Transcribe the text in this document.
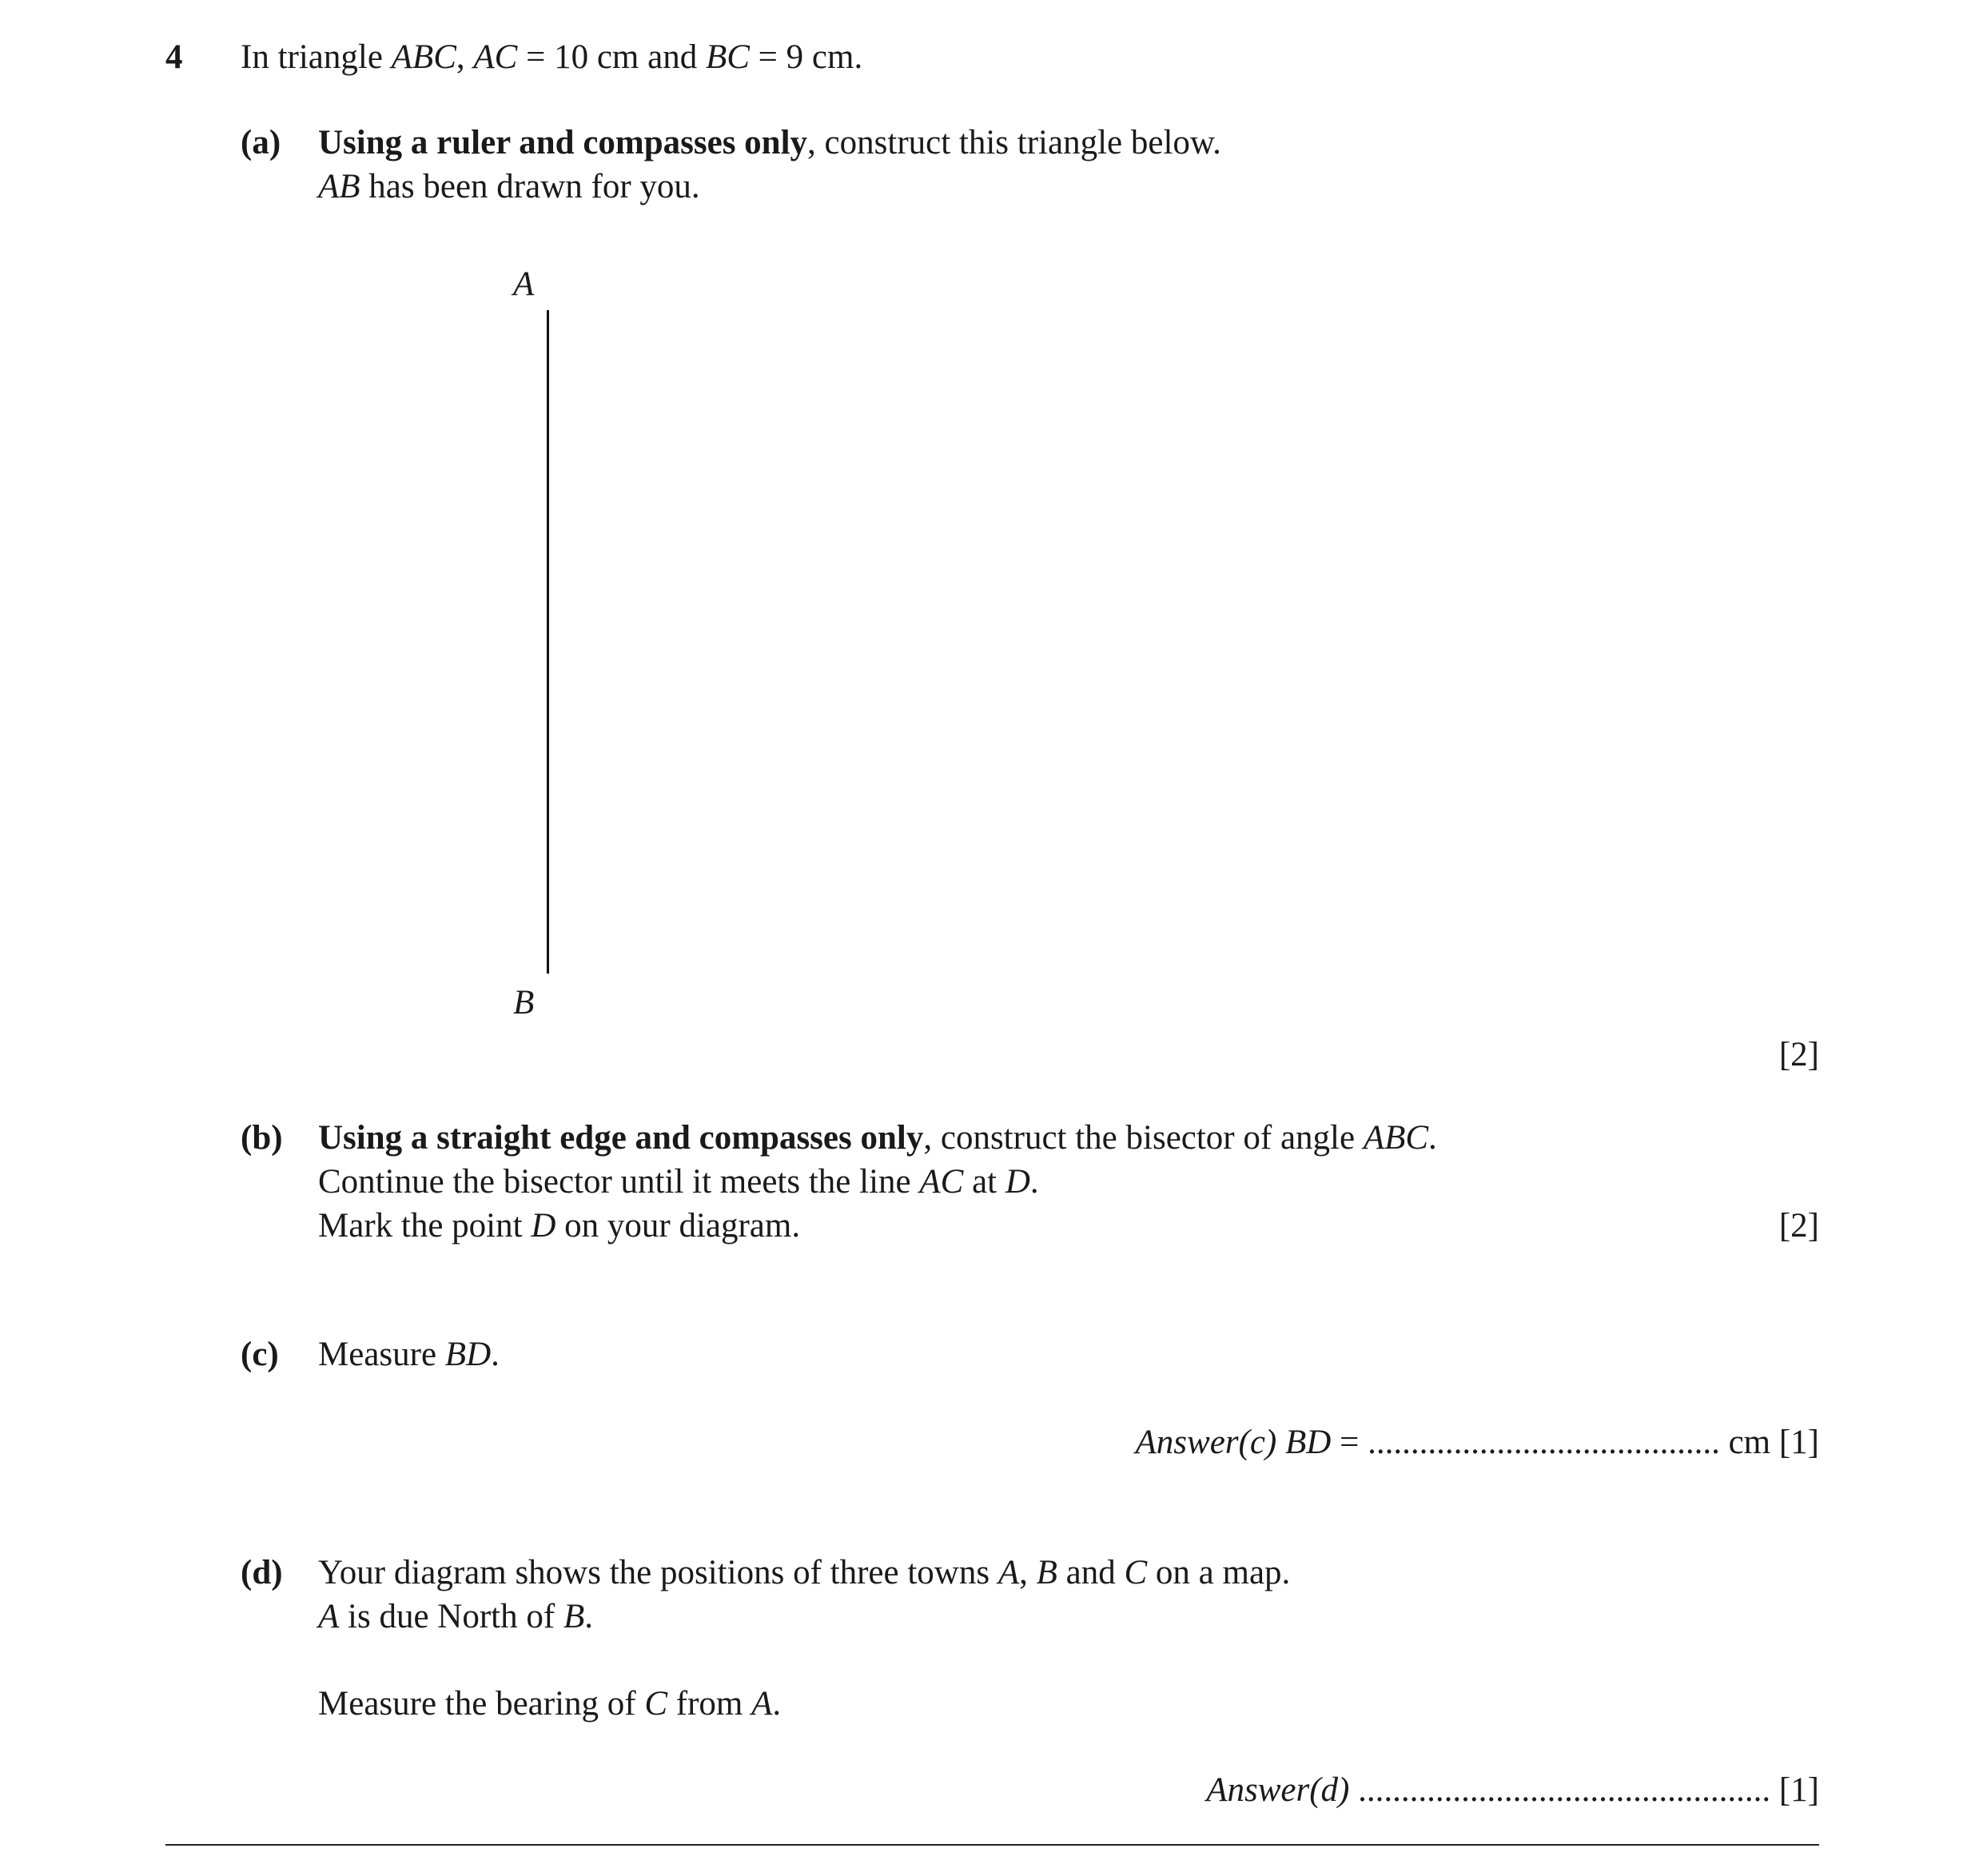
4 In triangle ABC, AC = 10 cm and BC = 9 cm.
(a) Using a ruler and compasses only, construct this triangle below.
AB has been drawn for you.
A
B
[2]
(b) Using a straight edge and compasses only, construct the bisector of angle ABC.
Continue the bisector until it meets the line AC at D.
Mark the point D on your diagram.	[2]
(c) Measure BD.
Answer(c) BD = ......................................... cm [1]
(d) Your diagram shows the positions of three towns A, B and C on a map.
A is due North of B.
Measure the bearing of C from A.
Answer(d) ................................................ [1]
